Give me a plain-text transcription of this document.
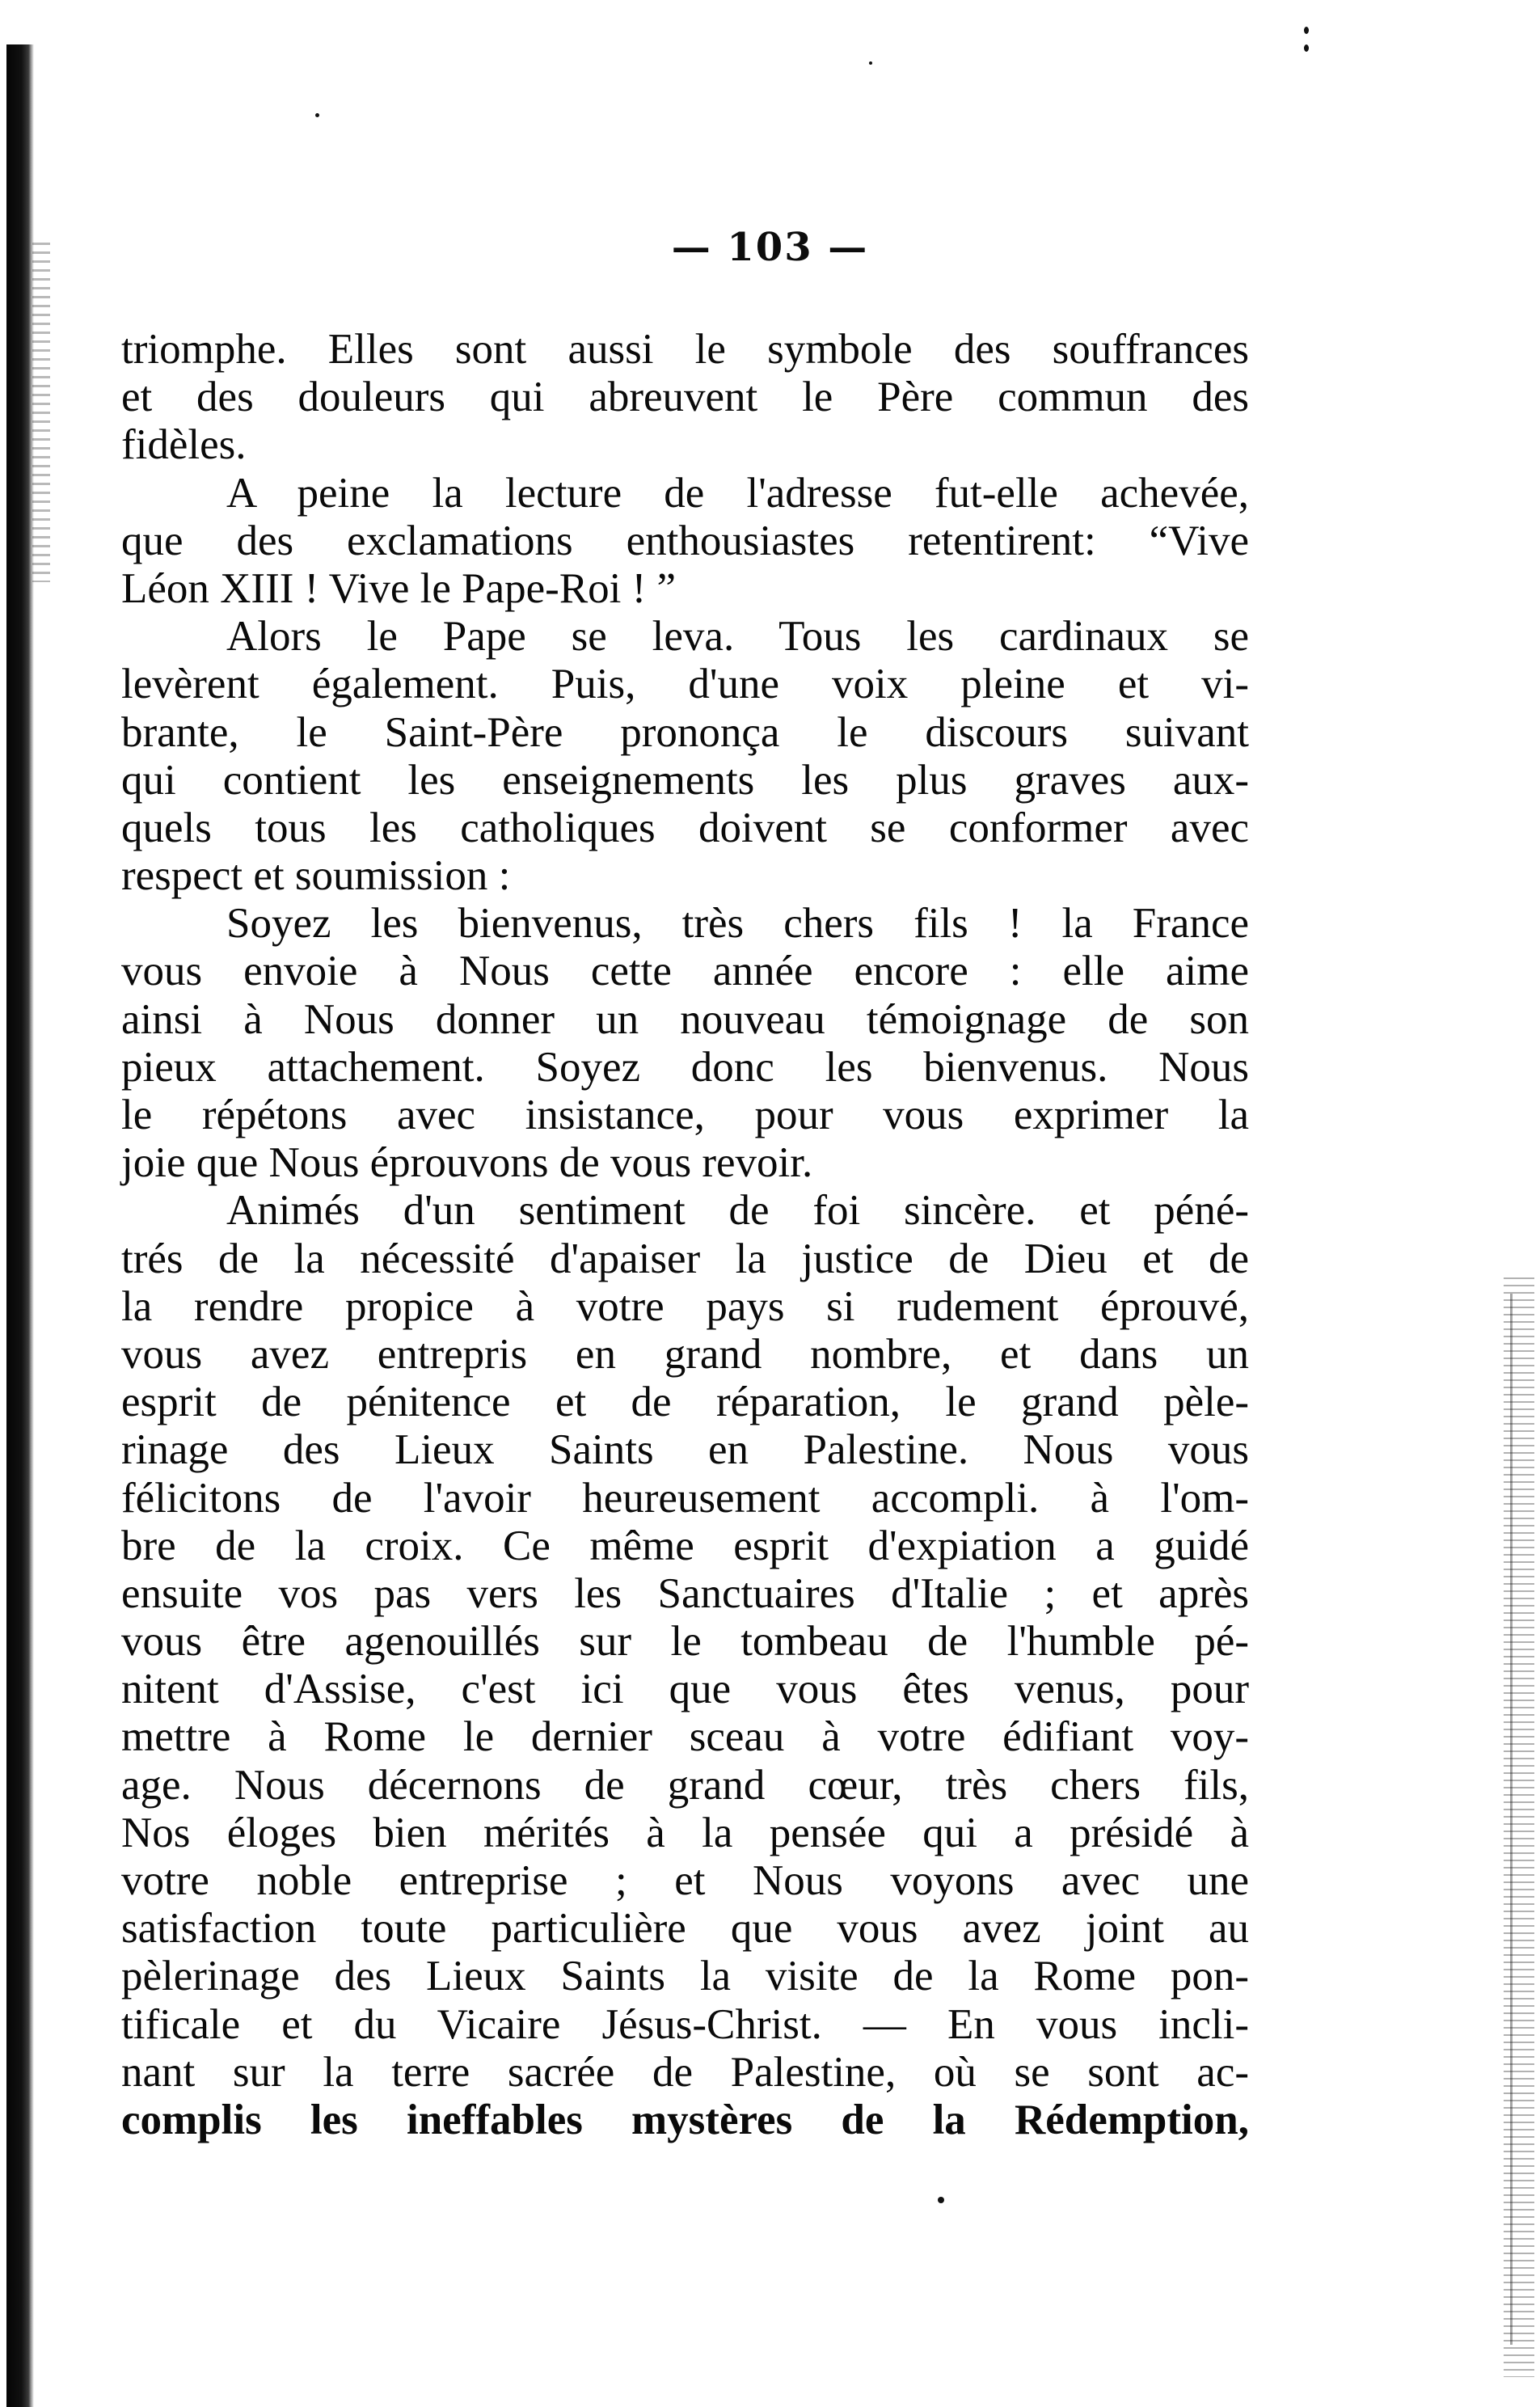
— 103 —
triomphe. Elles sont aussi le symbole des souffrances
et des douleurs qui abreuvent le Père commun des
fidèles.
A peine la lecture de l'adresse fut-elle achevée,
que des exclamations enthousiastes retentirent: “Vive
Léon XIII ! Vive le Pape-Roi ! ”
Alors le Pape se leva. Tous les cardinaux se
levèrent également. Puis, d'une voix pleine et vi-
brante, le Saint-Père prononça le discours suivant
qui contient les enseignements les plus graves aux-
quels tous les catholiques doivent se conformer avec
respect et soumission :
Soyez les bienvenus, très chers fils ! la France
vous envoie à Nous cette année encore : elle aime
ainsi à Nous donner un nouveau témoignage de son
pieux attachement. Soyez donc les bienvenus. Nous
le répétons avec insistance, pour vous exprimer la
joie que Nous éprouvons de vous revoir.
Animés d'un sentiment de foi sincère. et péné-
trés de la nécessité d'apaiser la justice de Dieu et de
la rendre propice à votre pays si rudement éprouvé,
vous avez entrepris en grand nombre, et dans un
esprit de pénitence et de réparation, le grand pèle-
rinage des Lieux Saints en Palestine. Nous vous
félicitons de l'avoir heureusement accompli. à l'om-
bre de la croix. Ce même esprit d'expiation a guidé
ensuite vos pas vers les Sanctuaires d'Italie ; et après
vous être agenouillés sur le tombeau de l'humble pé-
nitent d'Assise, c'est ici que vous êtes venus, pour
mettre à Rome le dernier sceau à votre édifiant voy-
age. Nous décernons de grand cœur, très chers fils,
Nos éloges bien mérités à la pensée qui a présidé à
votre noble entreprise ; et Nous voyons avec une
satisfaction toute particulière que vous avez joint au
pèlerinage des Lieux Saints la visite de la Rome pon-
tificale et du Vicaire Jésus-Christ. — En vous incli-
nant sur la terre sacrée de Palestine, où se sont ac-
complis les ineffables mystères de la Rédemption,
